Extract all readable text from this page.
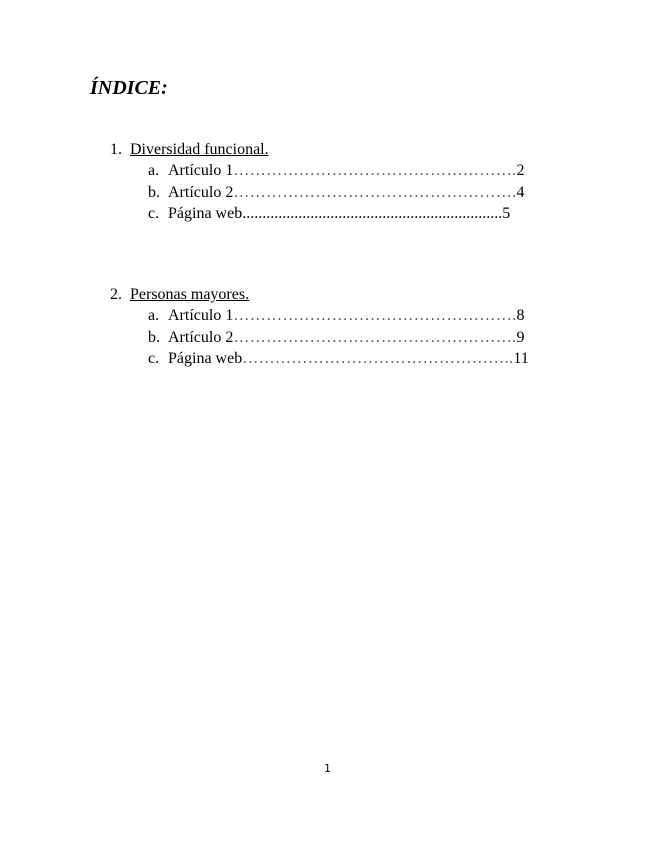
ÍNDICE:
1. Diversidad funcional.
a. Artículo 1 ……………………………………………. 2
b. Artículo 2 ……………………………………………. 4
c. Página web ................................................................. 5
2. Personas mayores.
a. Artículo 1 ……………………………………………. 8
b. Artículo 2 ……………………………………………. 9
c. Página web ………………………………………….. 11
1
